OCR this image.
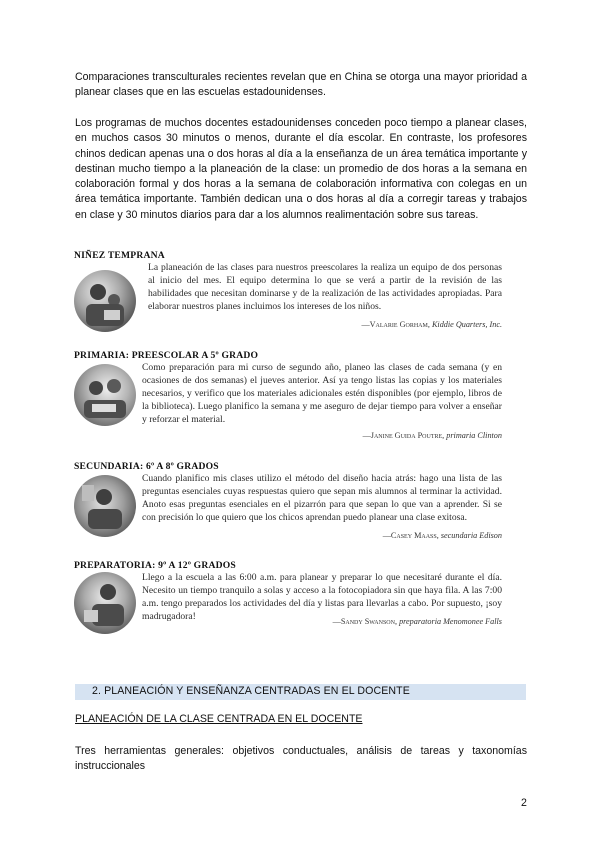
Comparaciones transculturales recientes revelan que en China se otorga una mayor prioridad a planear clases que en las escuelas estadounidenses.

Los programas de muchos docentes estadounidenses conceden poco tiempo a planear clases, en muchos casos 30 minutos o menos, durante el día escolar. En contraste, los profesores chinos dedican apenas una o dos horas al día a la enseñanza de un área temática importante y destinan mucho tiempo a la planeación de la clase: un promedio de dos horas a la semana en colaboración formal y dos horas a la semana de colaboración informativa con colegas en un área temática importante. También dedican una o dos horas al día a corregir tareas y trabajos en clase y 30 minutos diarios para dar a los alumnos realimentación sobre sus tareas.

NIÑEZ TEMPRANA
La planeación de las clases para nuestros preescolares la realiza un equipo de dos personas al inicio del mes. El equipo determina lo que se verá a partir de la revisión de las habilidades que necesitan dominarse y de la realización de las actividades apropiadas. Para elaborar nuestros planes incluimos los intereses de los niños.
—Valarie Gorham, Kiddie Quarters, Inc.
PRIMARIA: PREESCOLAR A 5º GRADO
Como preparación para mi curso de segundo año, planeo las clases de cada semana (y en ocasiones de dos semanas) el jueves anterior. Así ya tengo listas las copias y los materiales necesarios, y verifico que los materiales adicionales estén disponibles (por ejemplo, libros de la biblioteca). Luego planifico la semana y me aseguro de dejar tiempo para volver a enseñar y reforzar el material.
—Janine Guida Poutre, primaria Clinton
SECUNDARIA: 6º A 8º GRADOS
Cuando planifico mis clases utilizo el método del diseño hacia atrás: hago una lista de las preguntas esenciales cuyas respuestas quiero que sepan mis alumnos al terminar la actividad. Anoto esas preguntas esenciales en el pizarrón para que sepan lo que van a aprender. Si se con precisión lo que quiero que los chicos aprendan puedo planear una clase exitosa.
—Casey Maass, secundaria Edison
PREPARATORIA: 9º A 12º GRADOS
Llego a la escuela a las 6:00 a.m. para planear y preparar lo que necesitaré durante el día. Necesito un tiempo tranquilo a solas y acceso a la fotocopiadora sin que haya fila. A las 7:00 a.m. tengo preparados los actividades del día y listas para llevarlas a cabo. Por supuesto, ¡soy madrugadora!	—Sandy Swanson, preparatoria Menomonee Falls
2. PLANEACIÓN Y ENSEÑANZA CENTRADAS EN EL DOCENTE
PLANEACIÓN DE LA CLASE CENTRADA EN EL DOCENTE

Tres herramientas generales: objetivos conductuales, análisis de tareas y taxonomías instruccionales

2
